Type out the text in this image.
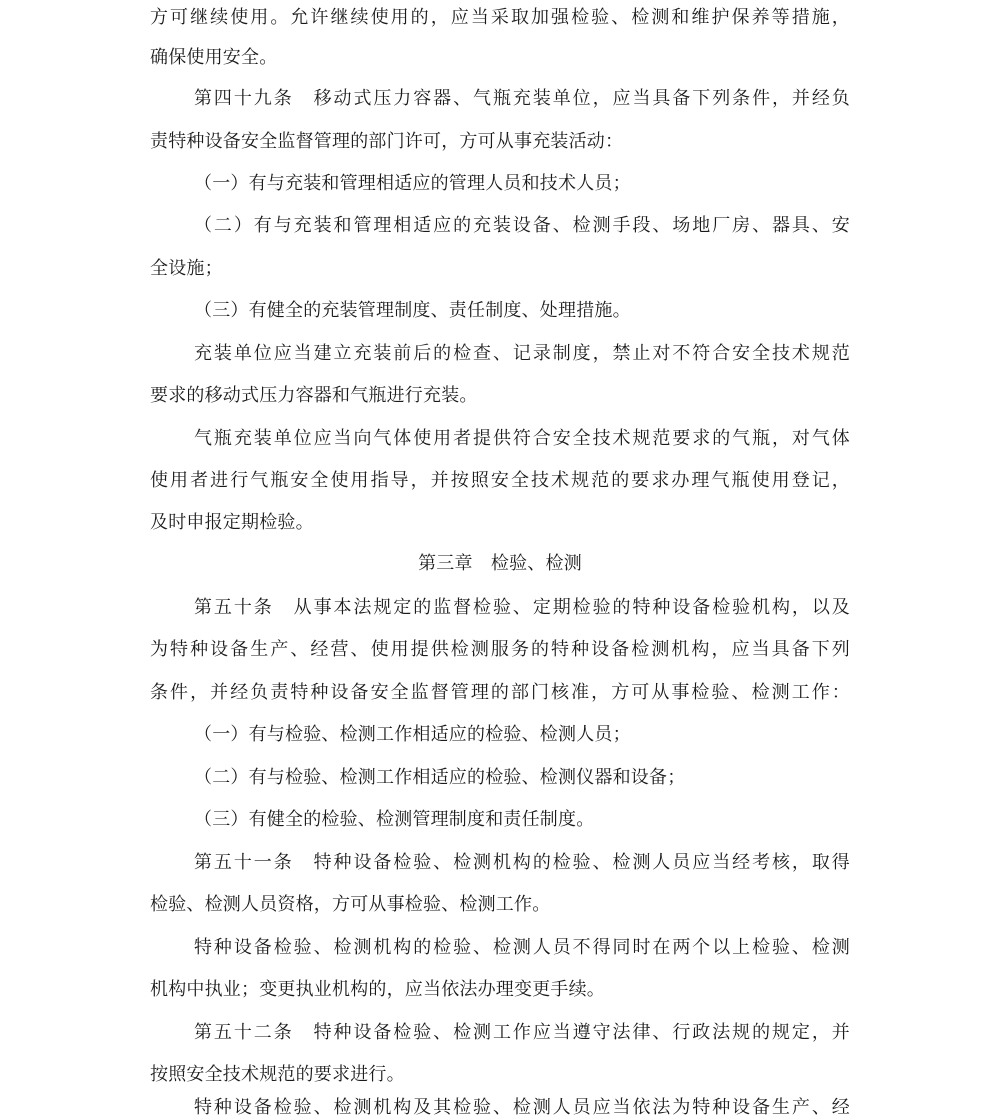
方可继续使用。允许继续使用的，应当采取加强检验、检测和维护保养等措施，
确保使用安全。
第四十九条　移动式压力容器、气瓶充装单位，应当具备下列条件，并经负
责特种设备安全监督管理的部门许可，方可从事充装活动：
（一）有与充装和管理相适应的管理人员和技术人员；
（二）有与充装和管理相适应的充装设备、检测手段、场地厂房、器具、安
全设施；
（三）有健全的充装管理制度、责任制度、处理措施。
充装单位应当建立充装前后的检查、记录制度，禁止对不符合安全技术规范
要求的移动式压力容器和气瓶进行充装。
气瓶充装单位应当向气体使用者提供符合安全技术规范要求的气瓶，对气体
使用者进行气瓶安全使用指导，并按照安全技术规范的要求办理气瓶使用登记，
及时申报定期检验。
第三章　检验、检测
第五十条　从事本法规定的监督检验、定期检验的特种设备检验机构，以及
为特种设备生产、经营、使用提供检测服务的特种设备检测机构，应当具备下列
条件，并经负责特种设备安全监督管理的部门核准，方可从事检验、检测工作：
（一）有与检验、检测工作相适应的检验、检测人员；
（二）有与检验、检测工作相适应的检验、检测仪器和设备；
（三）有健全的检验、检测管理制度和责任制度。
第五十一条　特种设备检验、检测机构的检验、检测人员应当经考核，取得
检验、检测人员资格，方可从事检验、检测工作。
特种设备检验、检测机构的检验、检测人员不得同时在两个以上检验、检测
机构中执业；变更执业机构的，应当依法办理变更手续。
第五十二条　特种设备检验、检测工作应当遵守法律、行政法规的规定，并
按照安全技术规范的要求进行。
特种设备检验、检测机构及其检验、检测人员应当依法为特种设备生产、经
